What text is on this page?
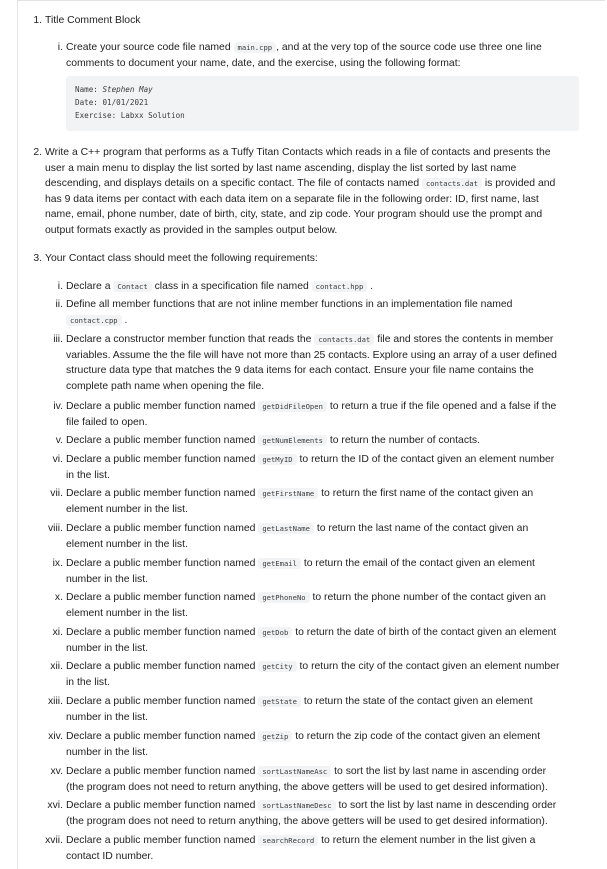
1. Title Comment Block
i. Create your source code file named main.cpp , and at the very top of the source code use three one line
comments to document your name, date, and the exercise, using the following format:
Name: Stephen May
Date: 01/01/2021
Exercise: Labxx Solution
2. Write a C++ program that performs as a Tuffy Titan Contacts which reads in a file of contacts and presents the
user a main menu to display the list sorted by last name ascending, display the list sorted by last name
descending, and displays details on a specific contact. The file of contacts named contacts.dat is provided and
has 9 data items per contact with each data item on a separate file in the following order: ID, first name, last
name, email, phone number, date of birth, city, state, and zip code. Your program should use the prompt and
output formats exactly as provided in the samples output below.
3. Your Contact class should meet the following requirements:
i. Declare a Contact class in a specification file named contact.hpp .
ii. Define all member functions that are not inline member functions in an implementation file named
contact.cpp .
iii. Declare a constructor member function that reads the contacts.dat file and stores the contents in member
variables. Assume the the file will have not more than 25 contacts. Explore using an array of a user defined
structure data type that matches the 9 data items for each contact. Ensure your file name contains the
complete path name when opening the file.
iv. Declare a public member function named getDidFileOpen to return a true if the file opened and a false if the
file failed to open.
v. Declare a public member function named getNumElements to return the number of contacts.
vi. Declare a public member function named getMyID to return the ID of the contact given an element number
in the list.
vii. Declare a public member function named getFirstName to return the first name of the contact given an
element number in the list.
viii. Declare a public member function named getLastName to return the last name of the contact given an
element number in the list.
ix. Declare a public member function named getEmail to return the email of the contact given an element
number in the list.
x. Declare a public member function named getPhoneNo to return the phone number of the contact given an
element number in the list.
xi. Declare a public member function named getDob to return the date of birth of the contact given an element
number in the list.
xii. Declare a public member function named getCity to return the city of the contact given an element number
in the list.
xiii. Declare a public member function named getState to return the state of the contact given an element
number in the list.
xiv. Declare a public member function named getZip to return the zip code of the contact given an element
number in the list.
xv. Declare a public member function named sortLastNameAsc to sort the list by last name in ascending order
(the program does not need to return anything, the above getters will be used to get desired information).
xvi. Declare a public member function named sortLastNameDesc to sort the list by last name in descending order
(the program does not need to return anything, the above getters will be used to get desired information).
xvii. Declare a public member function named searchRecord to return the element number in the list given a
contact ID number.
